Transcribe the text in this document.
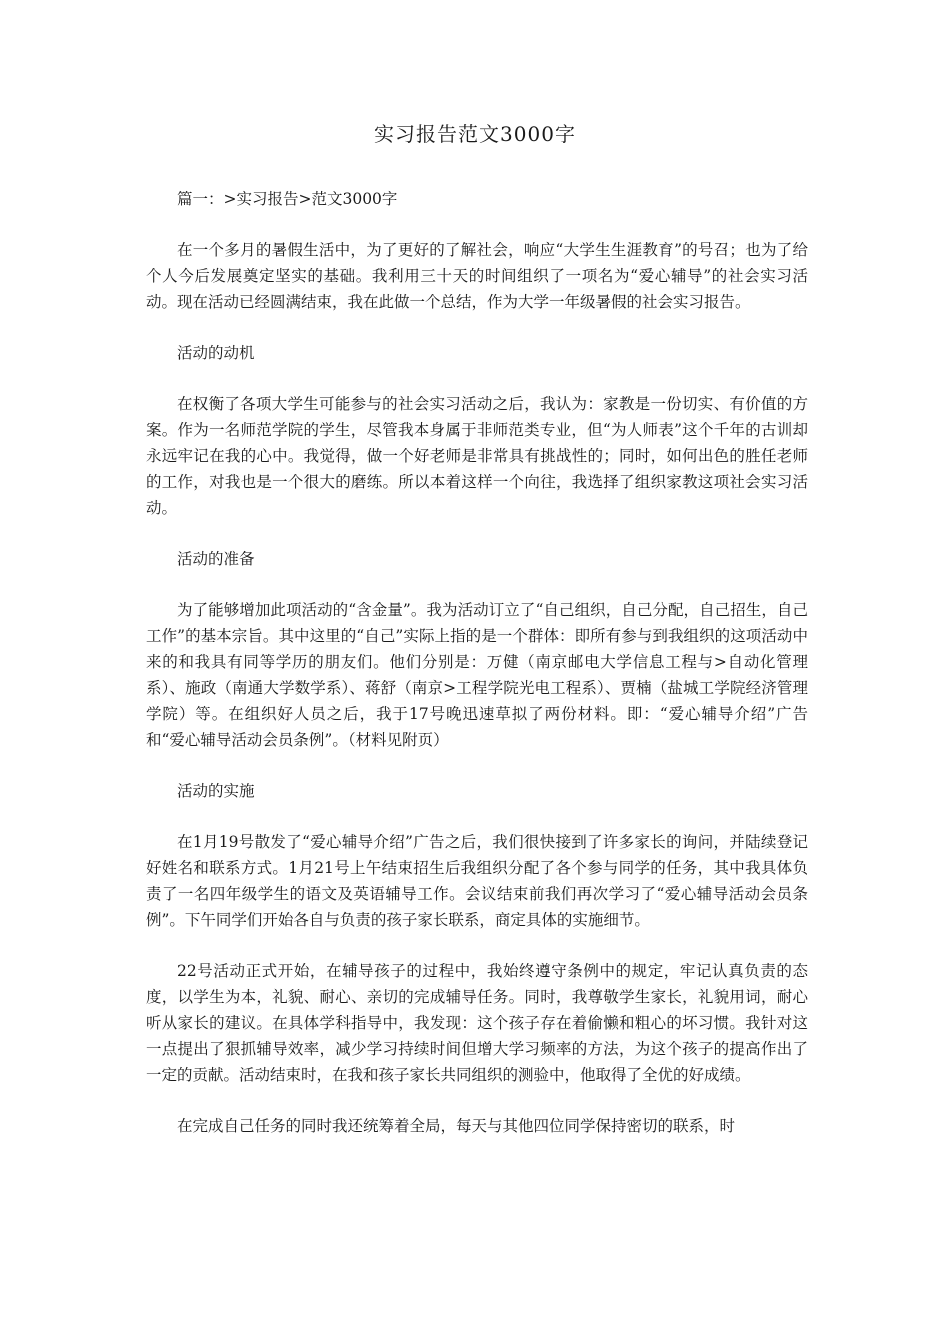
实习报告范文3000字

篇一：>实习报告>范文3000字

在一个多月的暑假生活中，为了更好的了解社会，响应“大学生生涯教育”的号召；也为了给个人今后发展奠定坚实的基础。我利用三十天的时间组织了一项名为“爱心辅导”的社会实习活动。现在活动已经圆满结束，我在此做一个总结，作为大学一年级暑假的社会实习报告。

活动的动机

在权衡了各项大学生可能参与的社会实习活动之后，我认为：家教是一份切实、有价值的方案。作为一名师范学院的学生，尽管我本身属于非师范类专业，但“为人师表”这个千年的古训却永远牢记在我的心中。我觉得，做一个好老师是非常具有挑战性的；同时，如何出色的胜任老师的工作，对我也是一个很大的磨练。所以本着这样一个向往，我选择了组织家教这项社会实习活动。

活动的准备

为了能够增加此项活动的“含金量”。我为活动订立了“自己组织，自己分配，自己招生，自己工作”的基本宗旨。其中这里的“自己”实际上指的是一个群体：即所有参与到我组织的这项活动中来的和我具有同等学历的朋友们。他们分别是：万健（南京邮电大学信息工程与>自动化管理系）、施政（南通大学数学系）、蒋舒（南京>工程学院光电工程系）、贾楠（盐城工学院经济管理学院）等。在组织好人员之后，我于17号晚迅速草拟了两份材料。即：“爱心辅导介绍”广告和“爱心辅导活动会员条例”。（材料见附页）

活动的实施

在1月19号散发了“爱心辅导介绍”广告之后，我们很快接到了许多家长的询问，并陆续登记好姓名和联系方式。1月21号上午结束招生后我组织分配了各个参与同学的任务，其中我具体负责了一名四年级学生的语文及英语辅导工作。会议结束前我们再次学习了“爱心辅导活动会员条例”。下午同学们开始各自与负责的孩子家长联系，商定具体的实施细节。

22号活动正式开始，在辅导孩子的过程中，我始终遵守条例中的规定，牢记认真负责的态度，以学生为本，礼貌、耐心、亲切的完成辅导任务。同时，我尊敬学生家长，礼貌用词，耐心听从家长的建议。在具体学科指导中，我发现：这个孩子存在着偷懒和粗心的坏习惯。我针对这一点提出了狠抓辅导效率，减少学习持续时间但增大学习频率的方法，为这个孩子的提高作出了一定的贡献。活动结束时，在我和孩子家长共同组织的测验中，他取得了全优的好成绩。

在完成自己任务的同时我还统筹着全局，每天与其他四位同学保持密切的联系，时
